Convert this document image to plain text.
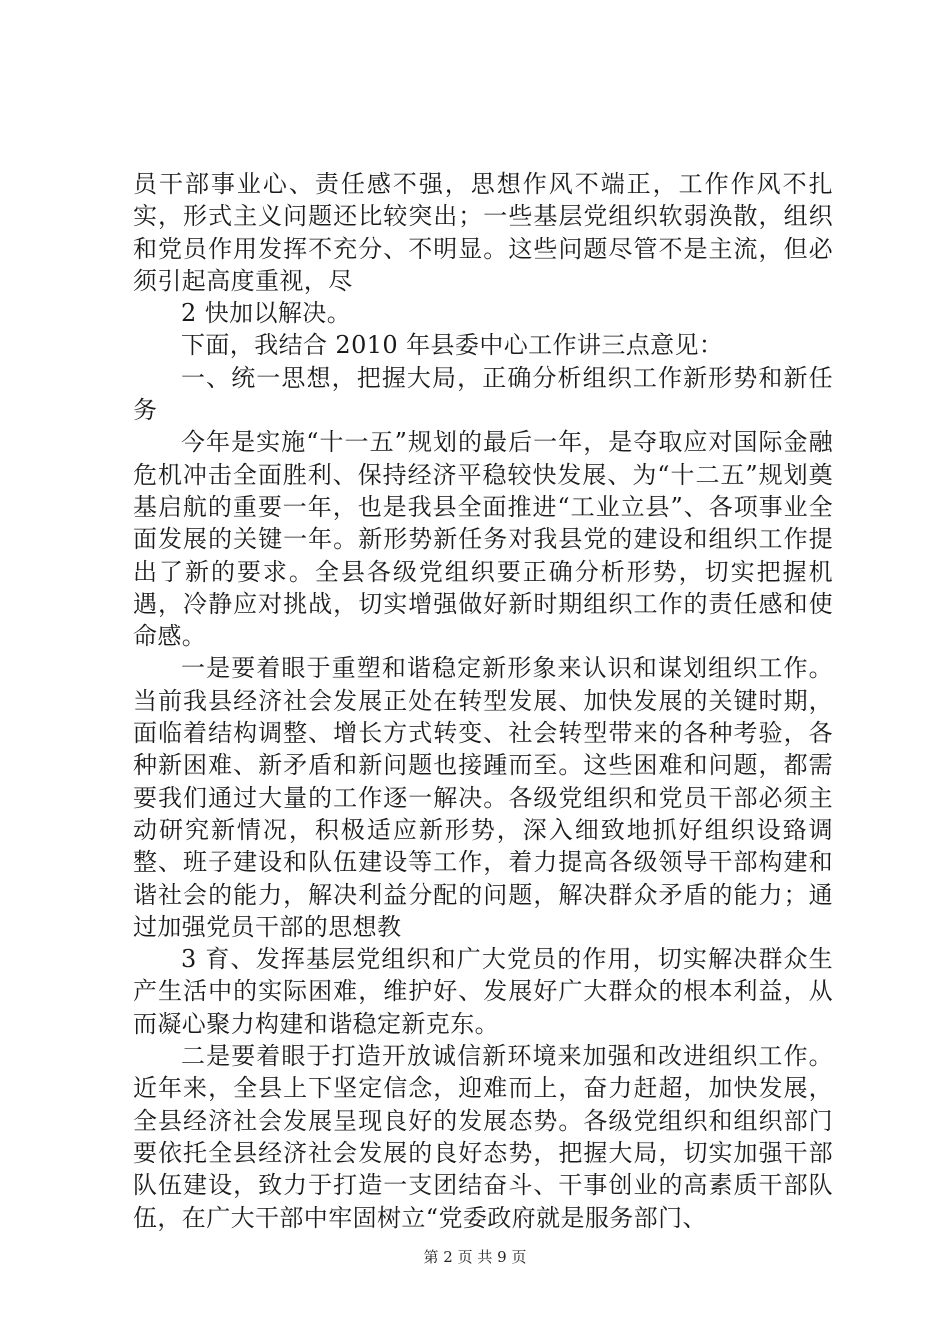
员干部事业心、责任感不强，思想作风不端正，工作作风不扎实，形式主义问题还比较突出；一些基层党组织软弱涣散，组织和党员作用发挥不充分、不明显。这些问题尽管不是主流，但必须引起高度重视，尽

2 快加以解决。

下面，我结合 2010 年县委中心工作讲三点意见：

一、统一思想，把握大局，正确分析组织工作新形势和新任务

今年是实施“十一五”规划的最后一年，是夺取应对国际金融危机冲击全面胜利、保持经济平稳较快发展、为“十二五”规划奠基启航的重要一年，也是我县全面推进“工业立县”、各项事业全面发展的关键一年。新形势新任务对我县党的建设和组织工作提出了新的要求。全县各级党组织要正确分析形势，切实把握机遇，冷静应对挑战，切实增强做好新时期组织工作的责任感和使命感。

一是要着眼于重塑和谐稳定新形象来认识和谋划组织工作。当前我县经济社会发展正处在转型发展、加快发展的关键时期，面临着结构调整、增长方式转变、社会转型带来的各种考验，各种新困难、新矛盾和新问题也接踵而至。这些困难和问题，都需要我们通过大量的工作逐一解决。各级党组织和党员干部必须主动研究新情况，积极适应新形势，深入细致地抓好组织设臵调整、班子建设和队伍建设等工作，着力提高各级领导干部构建和谐社会的能力，解决利益分配的问题，解决群众矛盾的能力；通过加强党员干部的思想教

3 育、发挥基层党组织和广大党员的作用，切实解决群众生产生活中的实际困难，维护好、发展好广大群众的根本利益，从而凝心聚力构建和谐稳定新克东。

二是要着眼于打造开放诚信新环境来加强和改进组织工作。近年来，全县上下坚定信念，迎难而上，奋力赶超，加快发展，全县经济社会发展呈现良好的发展态势。各级党组织和组织部门要依托全县经济社会发展的良好态势，把握大局，切实加强干部队伍建设，致力于打造一支团结奋斗、干事创业的高素质干部队伍，在广大干部中牢固树立“党委政府就是服务部门、

第 2 页 共 9 页
